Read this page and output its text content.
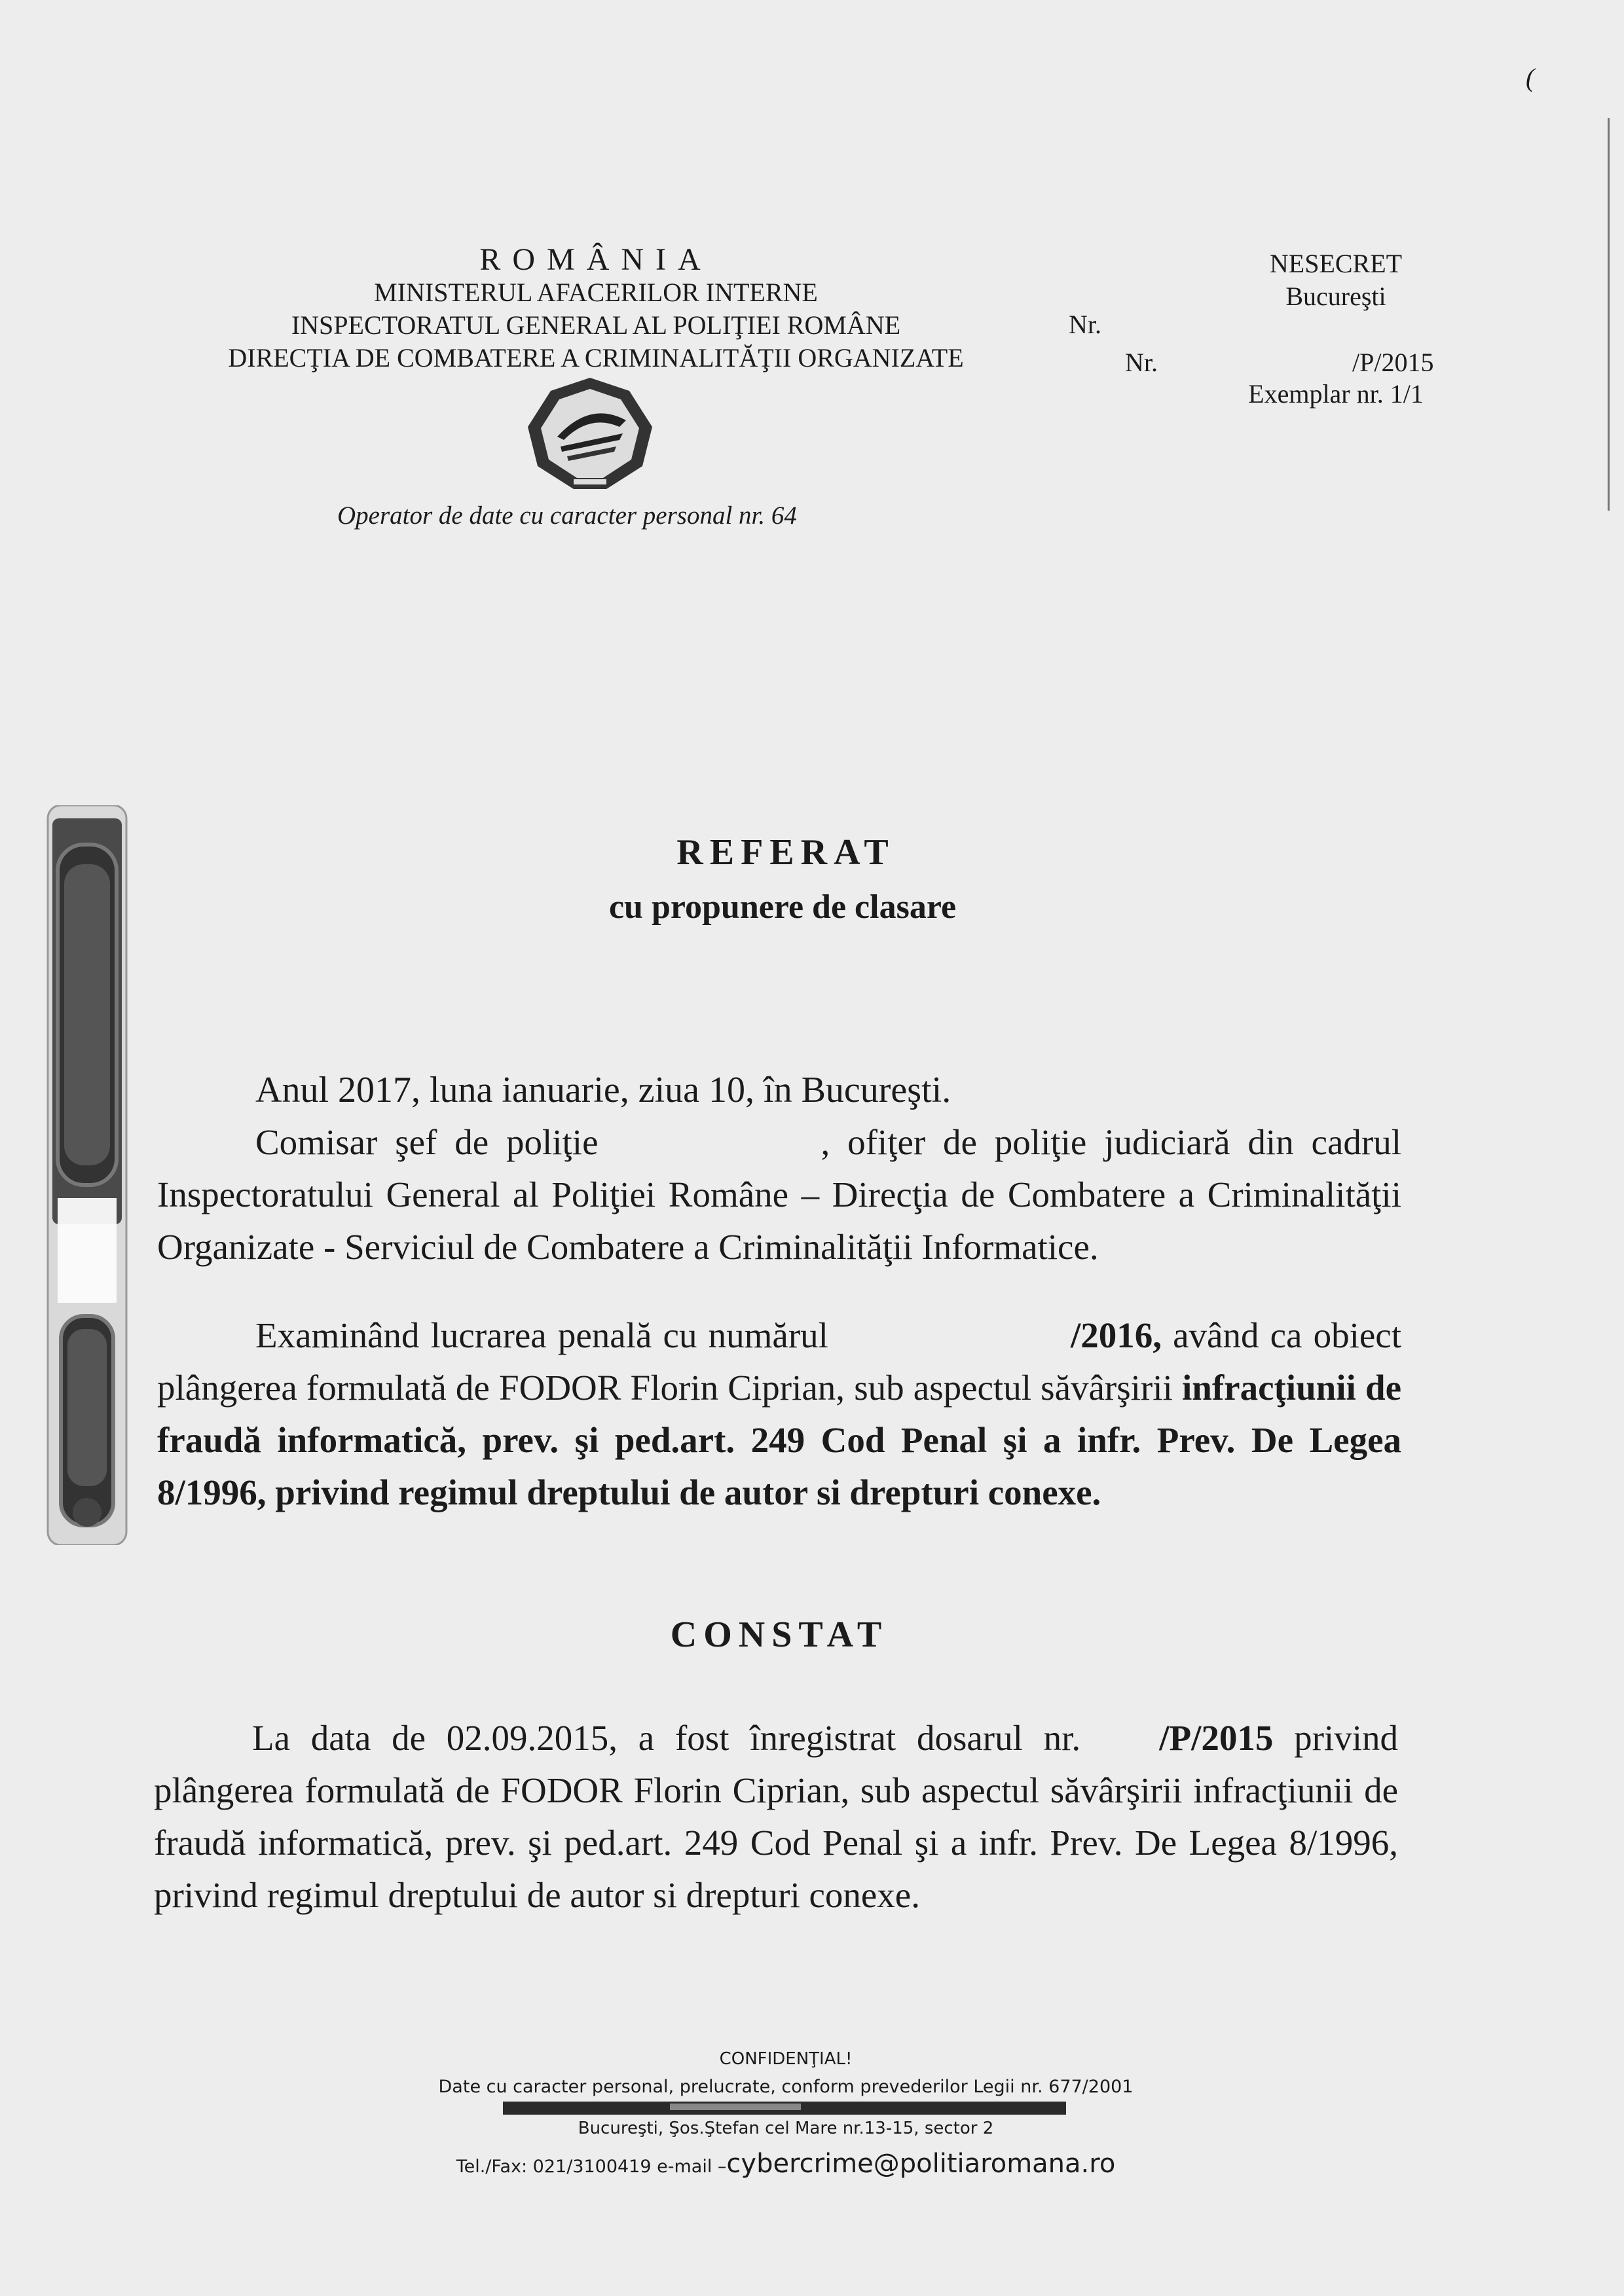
(
ROMÂNIA
MINISTERUL AFACERILOR INTERNE
INSPECTORATUL GENERAL AL POLIŢIEI ROMÂNE
DIRECŢIA DE COMBATERE A CRIMINALITĂŢII ORGANIZATE
NESECRET
Bucureşti
Nr.
Nr.	/P/2015
Exemplar nr. 1/1
Operator de date cu caracter personal nr. 64
REFERAT
cu propunere de clasare
Anul 2017, luna ianuarie, ziua 10, în Bucureşti.
Comisar şef de poliţie	, ofiţer de poliţie judiciară din cadrul Inspectoratului General al Poliţiei Române – Direcţia de Combatere a Criminalităţii Organizate - Serviciul de Combatere a Criminalităţii Informatice.
Examinând lucrarea penală cu numărul	/2016, având ca obiect plângerea formulată de FODOR Florin Ciprian, sub aspectul săvârşirii infracţiunii de fraudă informatică, prev. şi ped.art. 249 Cod Penal şi a infr. Prev. De Legea 8/1996, privind regimul dreptului de autor si drepturi conexe.
CONSTAT
La data de 02.09.2015, a fost înregistrat dosarul nr. /P/2015 privind plângerea formulată de FODOR Florin Ciprian, sub aspectul săvârşirii infracţiunii de fraudă informatică, prev. şi ped.art. 249 Cod Penal şi a infr. Prev. De Legea 8/1996, privind regimul dreptului de autor si drepturi conexe.
CONFIDENŢIAL!
Date cu caracter personal, prelucrate, conform prevederilor Legii nr. 677/2001
Bucureşti, Şos.Ştefan cel Mare nr.13-15, sector 2
Tel./Fax: 021/3100419 e-mail –cybercrime@politiaromana.ro
